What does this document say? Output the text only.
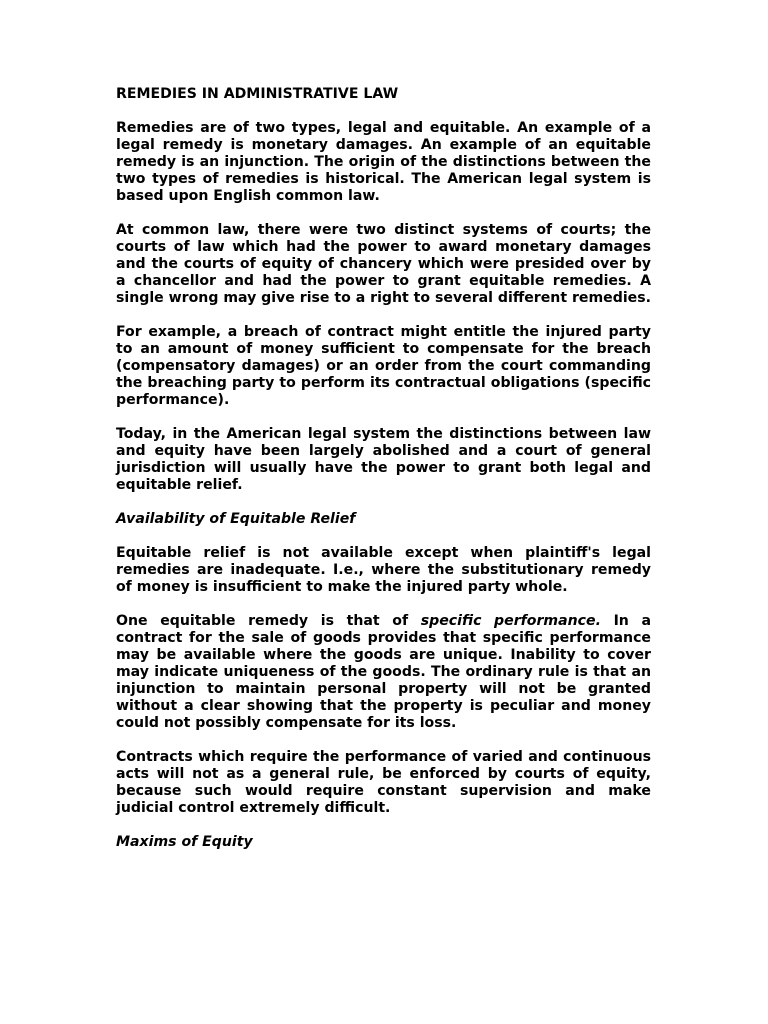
REMEDIES IN ADMINISTRATIVE LAW

Remedies are of two types, legal and equitable. An example of a legal remedy is monetary damages. An example of an equitable remedy is an injunction. The origin of the distinctions between the two types of remedies is historical. The American legal system is based upon English common law.

At common law, there were two distinct systems of courts; the courts of law which had the power to award monetary damages and the courts of equity of chancery which were presided over by a chancellor and had the power to grant equitable remedies. A single wrong may give rise to a right to several different remedies.

For example, a breach of contract might entitle the injured party to an amount of money sufficient to compensate for the breach (compensatory damages) or an order from the court commanding the breaching party to perform its contractual obligations (specific performance).

Today, in the American legal system the distinctions between law and equity have been largely abolished and a court of general jurisdiction will usually have the power to grant both legal and equitable relief.

Availability of Equitable Relief

Equitable relief is not available except when plaintiff's legal remedies are inadequate. I.e., where the substitutionary remedy of money is insufficient to make the injured party whole.

One equitable remedy is that of specific performance. In a contract for the sale of goods provides that specific performance may be available where the goods are unique. Inability to cover may indicate uniqueness of the goods. The ordinary rule is that an injunction to maintain personal property will not be granted without a clear showing that the property is peculiar and money could not possibly compensate for its loss.

Contracts which require the performance of varied and continuous acts will not as a general rule, be enforced by courts of equity, because such would require constant supervision and make judicial control extremely difficult.

Maxims of Equity
